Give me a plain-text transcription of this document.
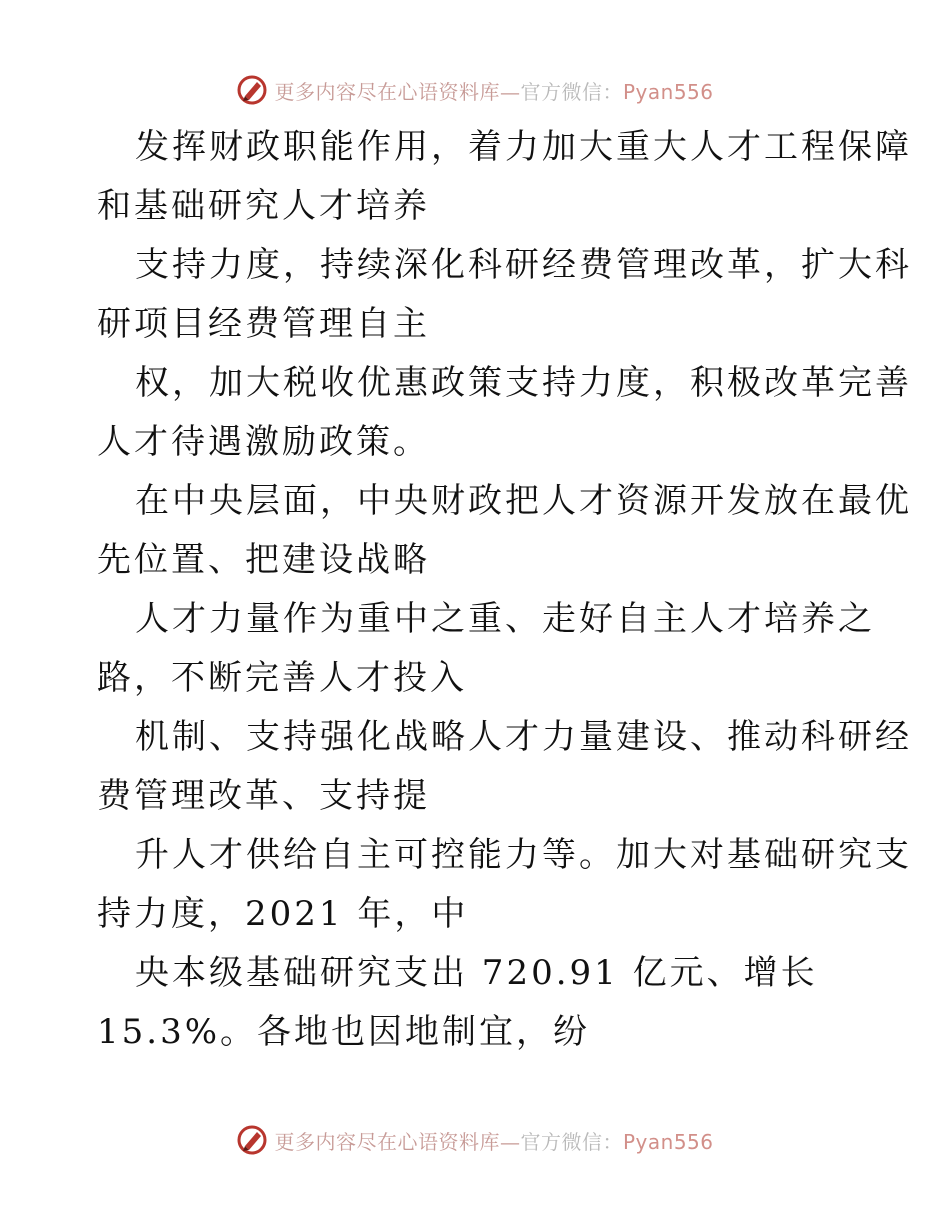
更多内容尽在心语资料库—官方微信：Pyan556

发挥财政职能作用，着力加大重大人才工程保障
和基础研究人才培养

支持力度，持续深化科研经费管理改革，扩大科
研项目经费管理自主

权，加大税收优惠政策支持力度，积极改革完善
人才待遇激励政策。

在中央层面，中央财政把人才资源开发放在最优
先位置、把建设战略

人才力量作为重中之重、走好自主人才培养之
路，不断完善人才投入

机制、支持强化战略人才力量建设、推动科研经
费管理改革、支持提

升人才供给自主可控能力等。加大对基础研究支
持力度，2021 年，中

央本级基础研究支出 720.91 亿元、增长
15.3%。各地也因地制宜，纷

更多内容尽在心语资料库—官方微信：Pyan556
